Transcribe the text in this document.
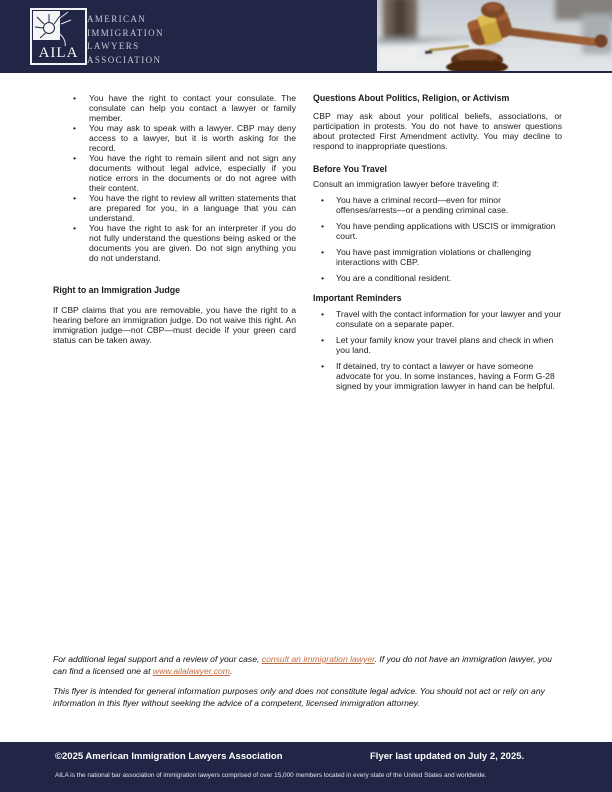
AILA
AMERICAN
IMMIGRATION
LAWYERS
ASSOCIATION
• You have the right to contact your consulate. The consulate can help you contact a lawyer or family member.
• You may ask to speak with a lawyer. CBP may deny access to a lawyer, but it is worth asking for the record.
• You have the right to remain silent and not sign any documents without legal advice, especially if you notice errors in the documents or do not agree with their content.
• You have the right to review all written statements that are prepared for you, in a language that you can understand.
• You have the right to ask for an interpreter if you do not fully understand the questions being asked or the documents you are given. Do not sign anything you do not understand.
Right to an Immigration Judge
If CBP claims that you are removable, you have the right to a hearing before an immigration judge. Do not waive this right. An immigration judge—not CBP—must decide if your green card status can be taken away.
Questions About Politics, Religion, or Activism
CBP may ask about your political beliefs, associations, or participation in protests. You do not have to answer questions about protected First Amendment activity. You may decline to respond to inappropriate questions.
Before You Travel
Consult an immigration lawyer before traveling if:
• You have a criminal record—even for minor offenses/arrests—or a pending criminal case.
• You have pending applications with USCIS or immigration court.
• You have past immigration violations or challenging interactions with CBP.
• You are a conditional resident.
Important Reminders
• Travel with the contact information for your lawyer and your consulate on a separate paper.
• Let your family know your travel plans and check in when you land.
• If detained, try to contact a lawyer or have someone advocate for you. In some instances, having a Form G-28 signed by your immigration lawyer in hand can be helpful.

For additional legal support and a review of your case, consult an immigration lawyer. If you do not have an immigration lawyer, you can find a licensed one at www.ailalawyer.com.

This flyer is intended for general information purposes only and does not constitute legal advice. You should not act or rely on any information in this flyer without seeking the advice of a competent, licensed immigration attorney.

©2025 American Immigration Lawyers Association	Flyer last updated on July 2, 2025.
AILA is the national bar association of immigration lawyers comprised of over 15,000 members located in every state of the United States and worldwide.
